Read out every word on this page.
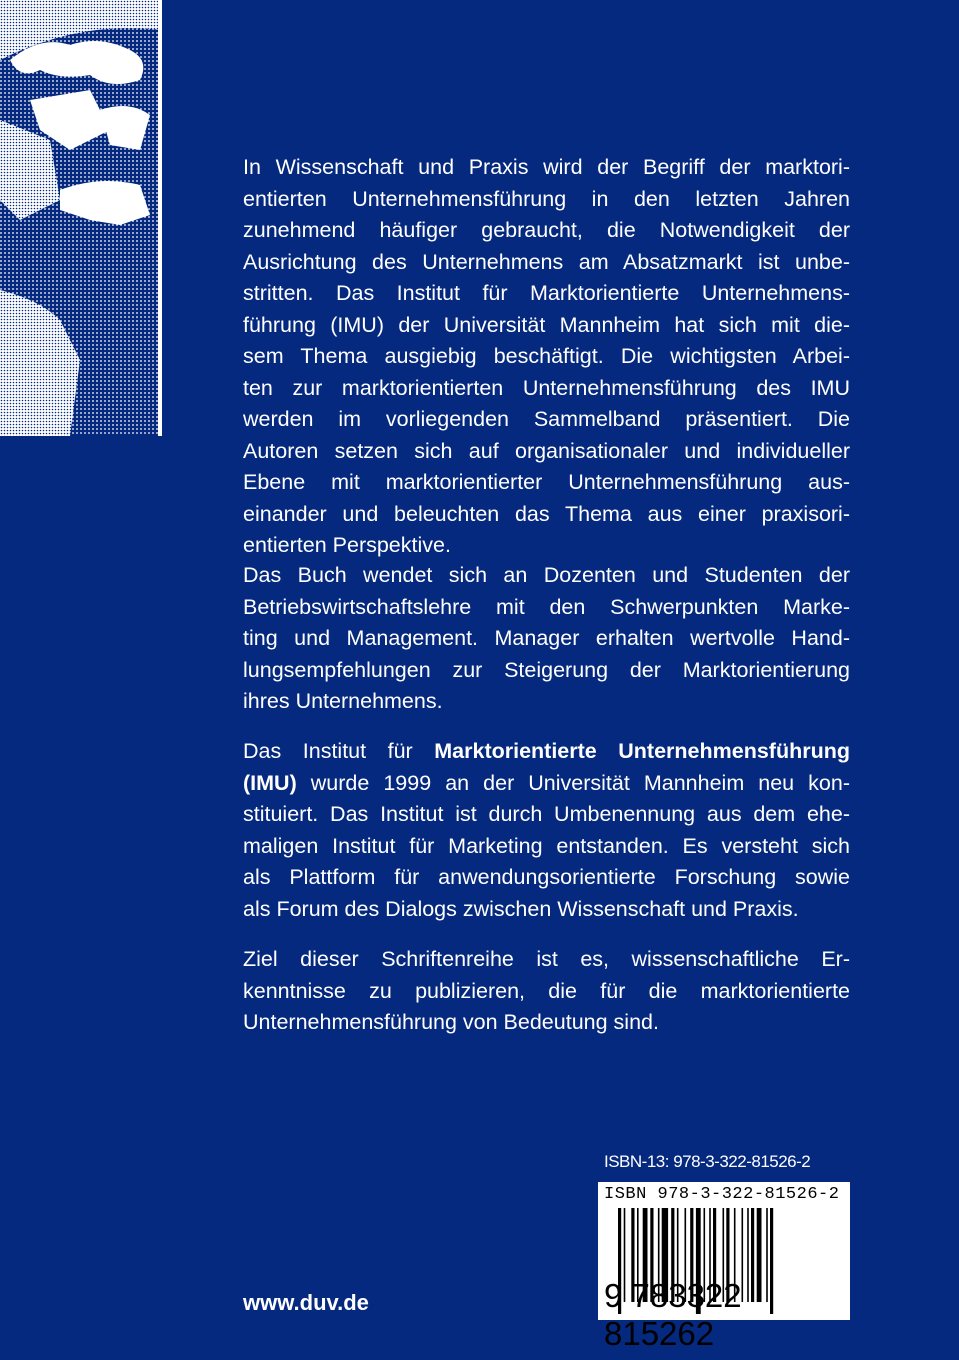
In Wissenschaft und Praxis wird der Begriff der marktori-
entierten Unternehmensführung in den letzten Jahren
zunehmend häufiger gebraucht, die Notwendigkeit der
Ausrichtung des Unternehmens am Absatzmarkt ist unbe-
stritten. Das Institut für Marktorientierte Unternehmens-
führung (IMU) der Universität Mannheim hat sich mit die-
sem Thema ausgiebig beschäftigt. Die wichtigsten Arbei-
ten zur marktorientierten Unternehmensführung des IMU
werden im vorliegenden Sammelband präsentiert. Die
Autoren setzen sich auf organisationaler und individueller
Ebene mit marktorientierter Unternehmensführung aus-
einander und beleuchten das Thema aus einer praxisori-
entierten Perspektive.
Das Buch wendet sich an Dozenten und Studenten der
Betriebswirtschaftslehre mit den Schwerpunkten Marke-
ting und Management. Manager erhalten wertvolle Hand-
lungsempfehlungen zur Steigerung der Marktorientierung
ihres Unternehmens.
Das Institut für Marktorientierte Unternehmensführung
(IMU) wurde 1999 an der Universität Mannheim neu kon-
stituiert. Das Institut ist durch Umbenennung aus dem ehe-
maligen Institut für Marketing entstanden. Es versteht sich
als Plattform für anwendungsorientierte Forschung sowie
als Forum des Dialogs zwischen Wissenschaft und Praxis.
Ziel dieser Schriftenreihe ist es, wissenschaftliche Er-
kenntnisse zu publizieren, die für die marktorientierte
Unternehmensführung von Bedeutung sind.
ISBN-13: 978-3-322-81526-2
ISBN 978-3-322-81526-2
9 783322 815262
www.duv.de
